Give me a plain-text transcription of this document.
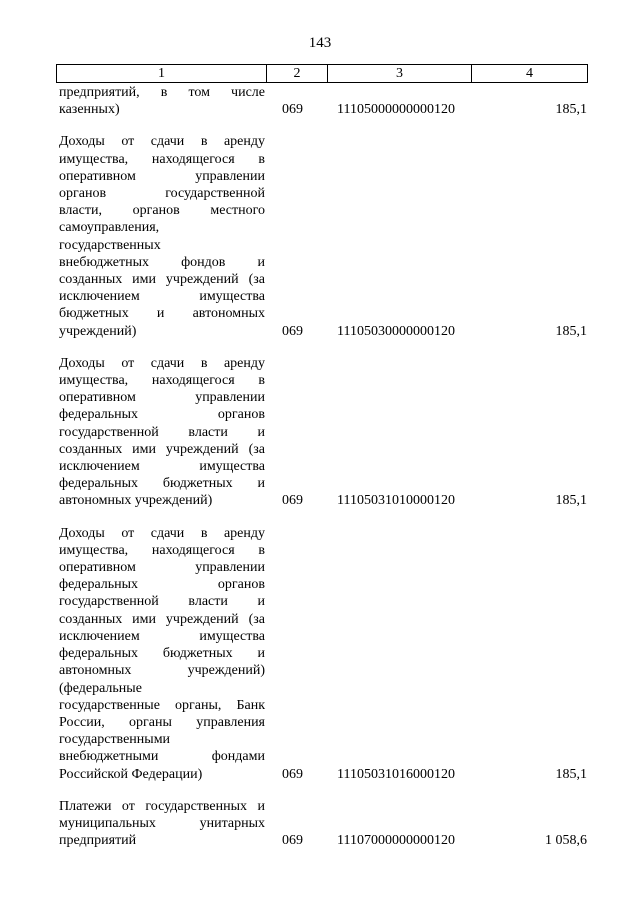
143
1	2	3	4
предприятий, в том числе
казенных)	069 11105000000000120	185,1
Доходы от сдачи в аренду
имущества, находящегося в
оперативном управлении
органов государственной
власти, органов местного
самоуправления,
государственных
внебюджетных фондов и
созданных ими учреждений (за
исключением имущества
бюджетных и автономных
учреждений)	069 11105030000000120	185,1
Доходы от сдачи в аренду
имущества, находящегося в
оперативном управлении
федеральных органов
государственной власти и
созданных ими учреждений (за
исключением имущества
федеральных бюджетных и
автономных учреждений)	069 11105031010000120	185,1
Доходы от сдачи в аренду
имущества, находящегося в
оперативном управлении
федеральных органов
государственной власти и
созданных ими учреждений (за
исключением имущества
федеральных бюджетных и
автономных учреждений)
(федеральные
государственные органы, Банк
России, органы управления
государственными
внебюджетными фондами
Российской Федерации)	069 11105031016000120	185,1
Платежи от государственных и
муниципальных унитарных
предприятий	069 11107000000000120	1 058,6
